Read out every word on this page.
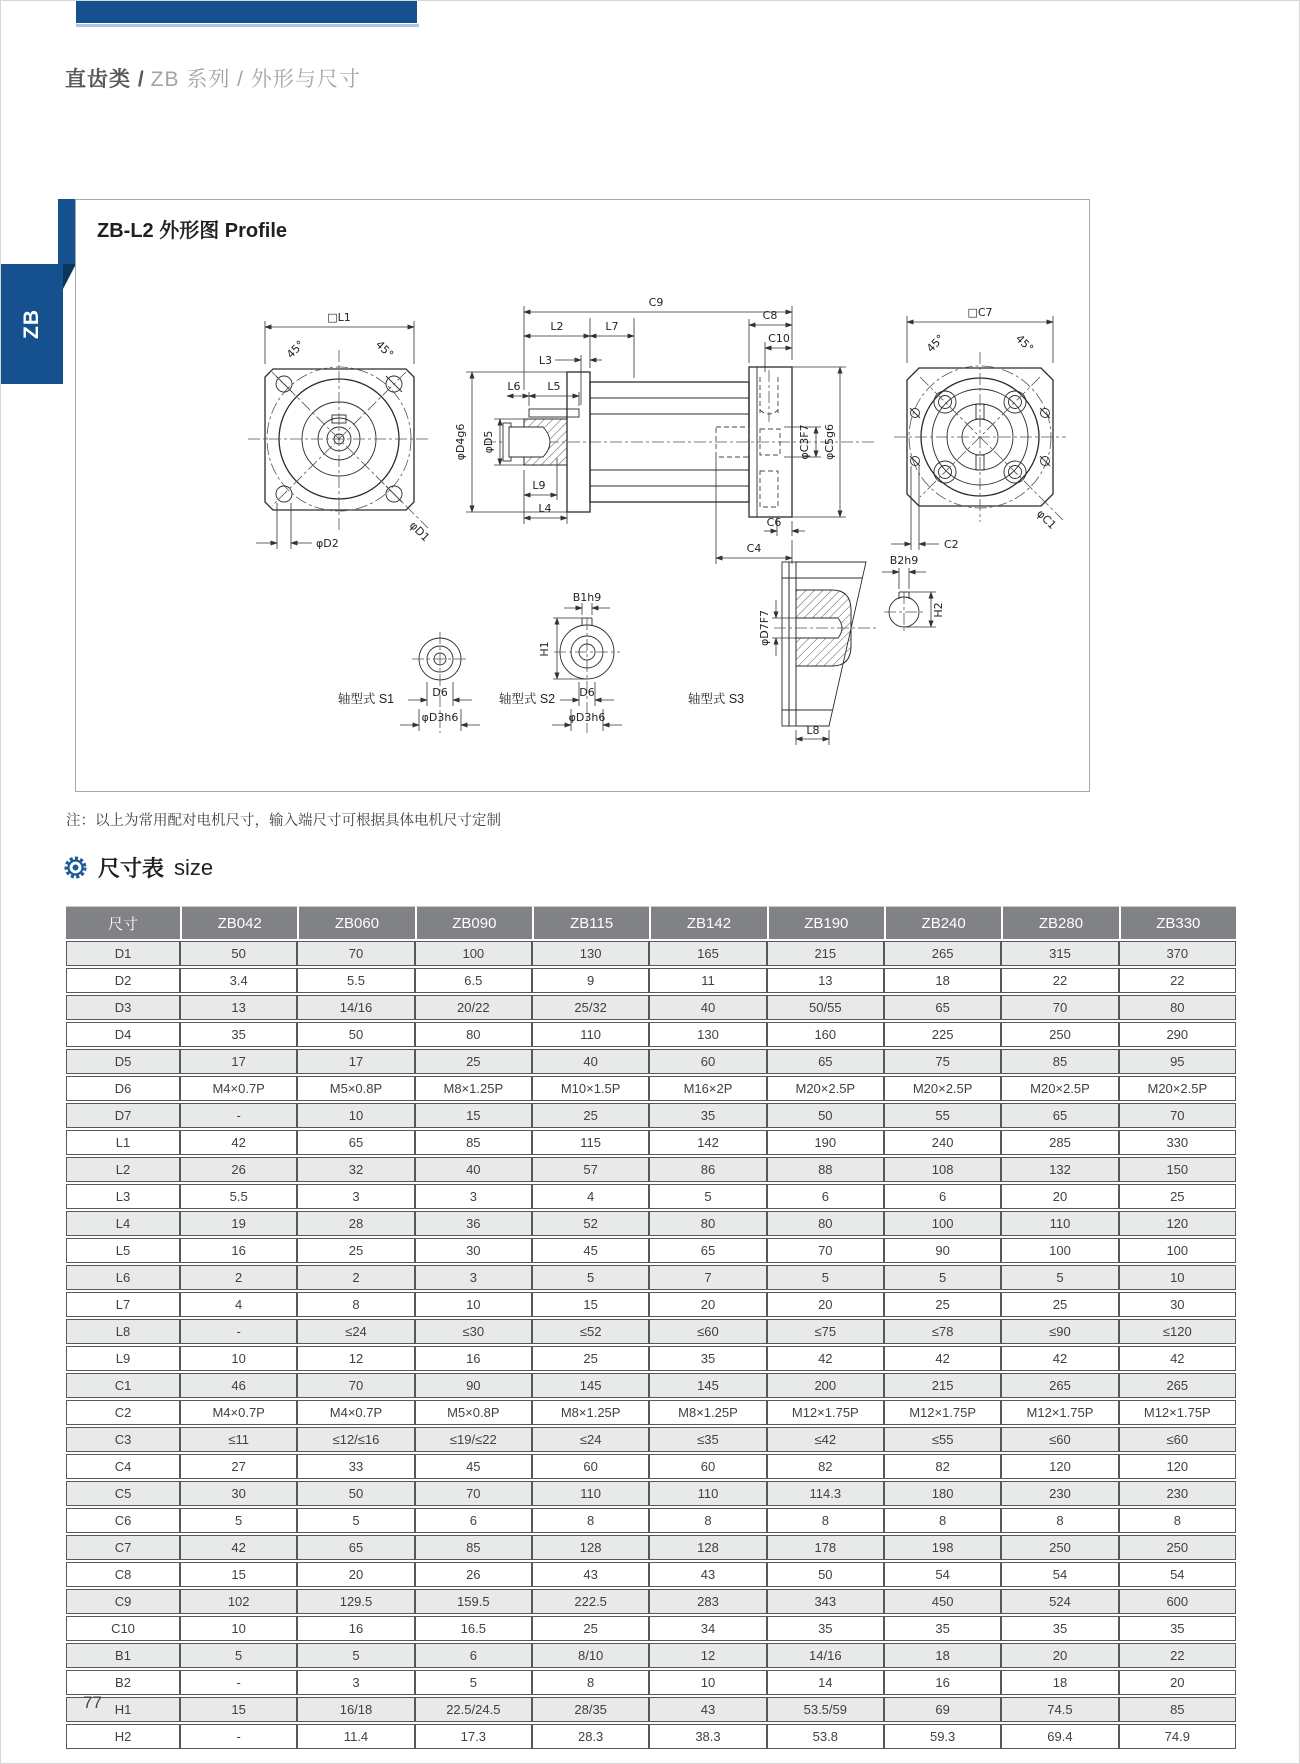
直齿类 / ZB 系列 / 外形与尺寸
ZB	□L1
45°	45°
φD2	φD1
C9
L2	L7
L3
L6 L5
φD5
φD4g6
L9
L4
C8
C10
φC3F7 φC5g6
C6
C4
□C7
45°	45°
C2
φC1
D6
φD3h6
轴型式 S1
B1h9
H1
D6
φD3h6
轴型式 S2
φD7F7
L8
轴型式 S3
B2h9
H2
ZB-L2 外形图 Profile
注：以上为常用配对电机尺寸，输入端尺寸可根据具体电机尺寸定制
尺寸表 size
尺寸	ZB042	ZB060	ZB090	ZB115	ZB142	ZB190	ZB240	ZB280	ZB330
D1	50	70	100	130	165	215	265	315	370
D2	3.4	5.5	6.5	9	11	13	18	22	22
D3	13	14/16	20/22	25/32	40	50/55	65	70	80
D4	35	50	80	110	130	160	225	250	290
D5	17	17	25	40	60	65	75	85	95
D6	M4×0.7P	M5×0.8P	M8×1.25P	M10×1.5P	M16×2P	M20×2.5P	M20×2.5P	M20×2.5P	M20×2.5P
D7	-	10	15	25	35	50	55	65	70
L1	42	65	85	115	142	190	240	285	330
L2	26	32	40	57	86	88	108	132	150
L3	5.5	3	3	4	5	6	6	20	25
L4	19	28	36	52	80	80	100	110	120
L5	16	25	30	45	65	70	90	100	100
L6	2	2	3	5	7	5	5	5	10
L7	4	8	10	15	20	20	25	25	30
L8	-	≤24	≤30	≤52	≤60	≤75	≤78	≤90	≤120
L9	10	12	16	25	35	42	42	42	42
C1	46	70	90	145	145	200	215	265	265
C2	M4×0.7P	M4×0.7P	M5×0.8P	M8×1.25P	M8×1.25P	M12×1.75P	M12×1.75P	M12×1.75P	M12×1.75P
C3	≤11	≤12/≤16	≤19/≤22	≤24	≤35	≤42	≤55	≤60	≤60
C4	27	33	45	60	60	82	82	120	120
C5	30	50	70	110	110	114.3	180	230	230
C6	5	5	6	8	8	8	8	8	8
C7	42	65	85	128	128	178	198	250	250
C8	15	20	26	43	43	50	54	54	54
C9	102	129.5	159.5	222.5	283	343	450	524	600
C10	10	16	16.5	25	34	35	35	35	35
B1	5	5	6	8/10	12	14/16	18	20	22
B2	-	3	5	8	10	14	16	18	20
H1	15	16/18	22.5/24.5	28/35	43	53.5/59	69	74.5	85
H2	-	11.4	17.3	28.3	38.3	53.8	59.3	69.4	74.9
77
